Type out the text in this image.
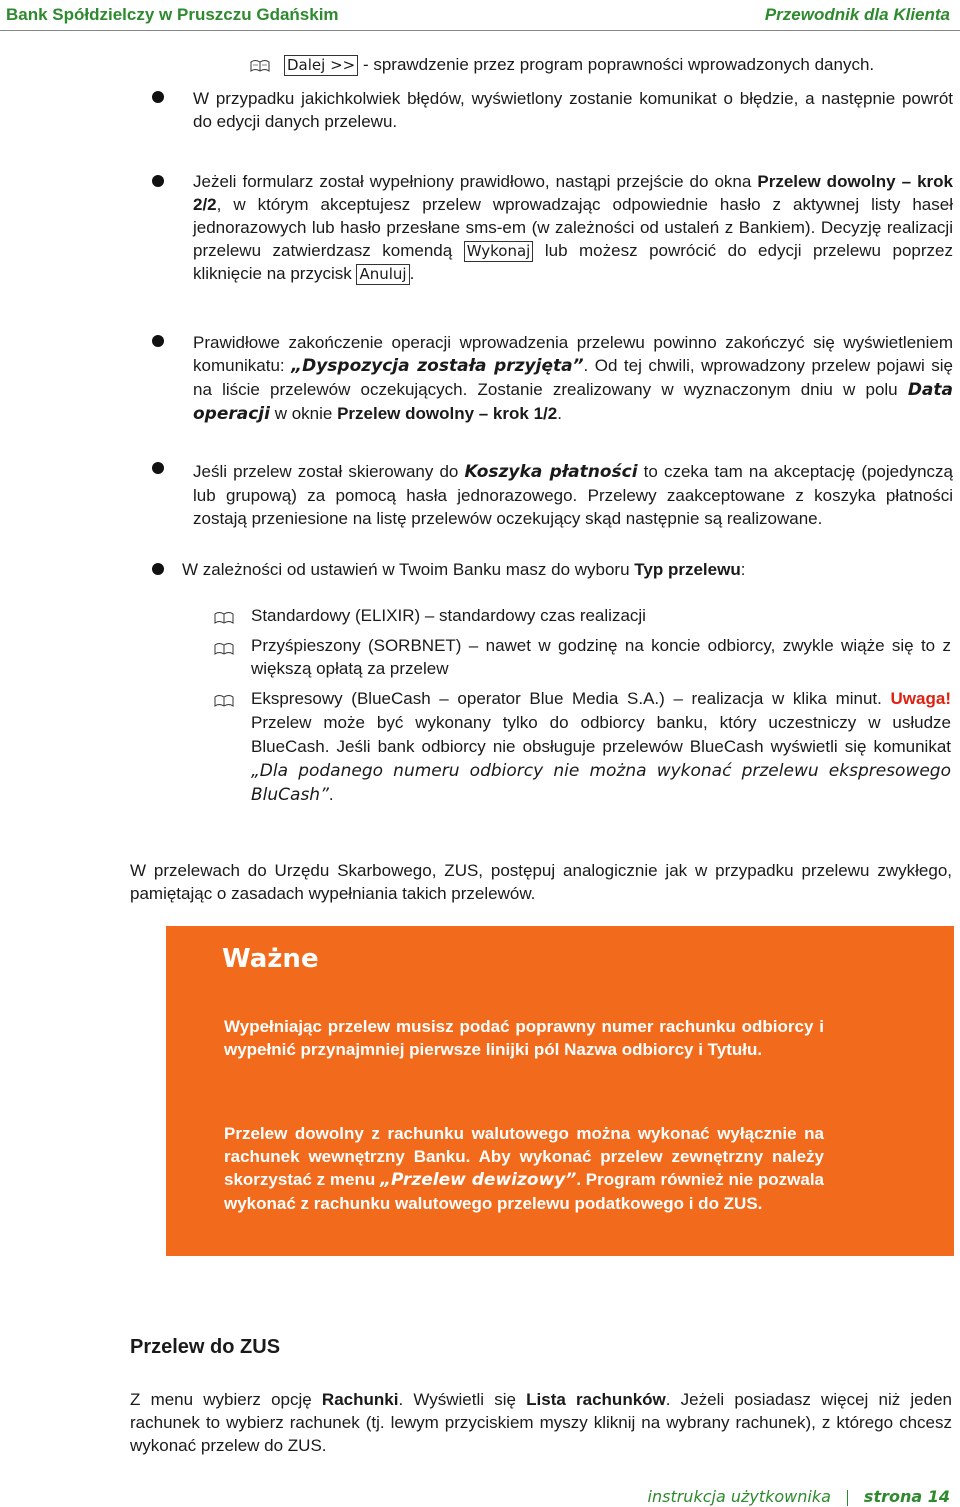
Bank Spółdzielczy w Pruszczu Gdańskim	Przewodnik dla Klienta
Dalej >> - sprawdzenie przez program poprawności wprowadzonych danych.
W przypadku jakichkolwiek błędów, wyświetlony zostanie komunikat o błędzie, a następnie powrót do edycji danych przelewu.
Jeżeli formularz został wypełniony prawidłowo, nastąpi przejście do okna Przelew dowolny – krok 2/2, w którym akceptujesz przelew wprowadzając odpowiednie hasło z aktywnej listy haseł jednorazowych lub hasło przesłane sms-em (w zależności od ustaleń z Bankiem). Decyzję realizacji przelewu zatwierdzasz komendą Wykonaj lub możesz powrócić do edycji przelewu poprzez kliknięcie na przycisk Anuluj .
Prawidłowe zakończenie operacji wprowadzenia przelewu powinno zakończyć się wyświetleniem komunikatu: „Dyspozycja została przyjęta”. Od tej chwili, wprowadzony przelew pojawi się na liście przelewów oczekujących. Zostanie zrealizowany w wyznaczonym dniu w polu Data operacji w oknie Przelew dowolny – krok 1/2.
Jeśli przelew został skierowany do Koszyka płatności to czeka tam na akceptację (pojedynczą lub grupową) za pomocą hasła jednorazowego. Przelewy zaakceptowane z koszyka płatności zostają przeniesione na listę przelewów oczekujący skąd następnie są realizowane.
W zależności od ustawień w Twoim Banku masz do wyboru Typ przelewu:
Standardowy (ELIXIR) – standardowy czas realizacji
Przyśpieszony (SORBNET) – nawet w godzinę na koncie odbiorcy, zwykle wiąże się to z większą opłatą za przelew
Ekspresowy (BlueCash – operator Blue Media S.A.) – realizacja w klika minut. Uwaga! Przelew może być wykonany tylko do odbiorcy banku, który uczestniczy w usłudze BlueCash. Jeśli bank odbiorcy nie obsługuje przelewów BlueCash wyświetli się komunikat „Dla podanego numeru odbiorcy nie można wykonać przelewu ekspresowego BluCash”.
W przelewach do Urzędu Skarbowego, ZUS, postępuj analogicznie jak w przypadku przelewu zwykłego, pamiętając o zasadach wypełniania takich przelewów.
Ważne
Wypełniając przelew musisz podać poprawny numer rachunku odbiorcy i wypełnić przynajmniej pierwsze linijki pól Nazwa odbiorcy i Tytułu.
Przelew dowolny z rachunku walutowego można wykonać wyłącznie na rachunek wewnętrzny Banku. Aby wykonać przelew zewnętrzny należy skorzystać z menu „Przelew dewizowy”. Program również nie pozwala wykonać z rachunku walutowego przelewu podatkowego i do ZUS.
Przelew do ZUS
Z menu wybierz opcję Rachunki. Wyświetli się Lista rachunków. Jeżeli posiadasz więcej niż jeden rachunek to wybierz rachunek (tj. lewym przyciskiem myszy kliknij na wybrany rachunek), z którego chcesz wykonać przelew do ZUS.
instrukcja użytkownika strona 14
